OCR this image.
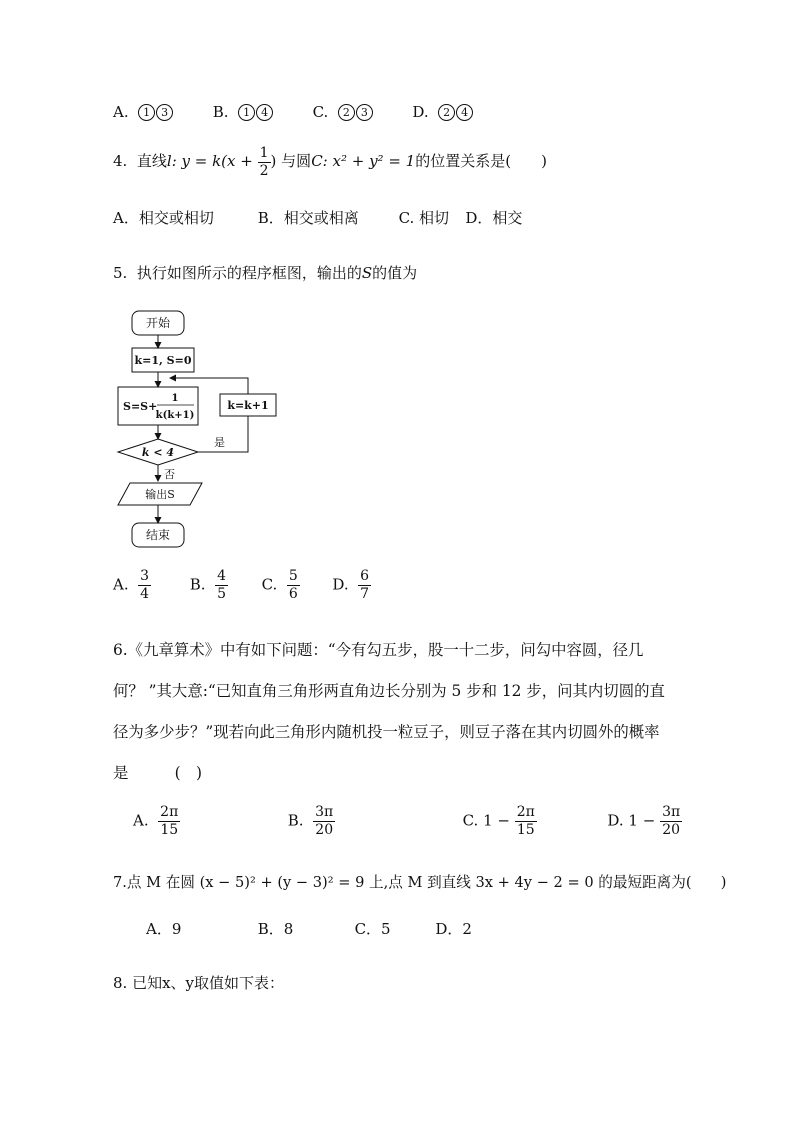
A. 1 3	B. 1 4	C. 2 3	D. 2 4
4. 直线l: $y = k(x + \frac{1}{2}$ ) 与圆C: x² + y² = 1的位置关系是(　　)
A．相交或相切	B．相交或相离	C. 相切 D．相交
5. 执行如图所示的程序框图，输出的S的值为
开始
k=1, S=0
S=S+
1
k(k+1)
k=k+1
k < 4
是
否
输出S
结束
A. $\frac{3}{4}$	B. $\frac{4}{5} C$. $\frac{5}{6} D$. $\frac{6}{7}$
6.《九章算术》中有如下问题：“今有勾五步，股一十二步，问勾中容圆，径几
何？ ”其大意:“已知直角三角形两直角边长分别为 5 步和 12 步，问其内切圆的直
径为多少步？”现若向此三角形内随机投一粒豆子，则豆子落在其内切圆外的概率
是　　　(　)
A. $\frac{2\pi}{15}$	B. $\frac{3\pi}{20}$	C. $1 - \frac{2\pi}{15}$	D. $1 - \frac{3\pi}{20}$
7.点 M 在圆 (x − 5)² + (y − 3)² = 9 上,点 M 到直线 3x + 4y − 2 = 0 的最短距离为(　　)
A．9	B．8	C．5	D．2
8. 已知x、y取值如下表：
